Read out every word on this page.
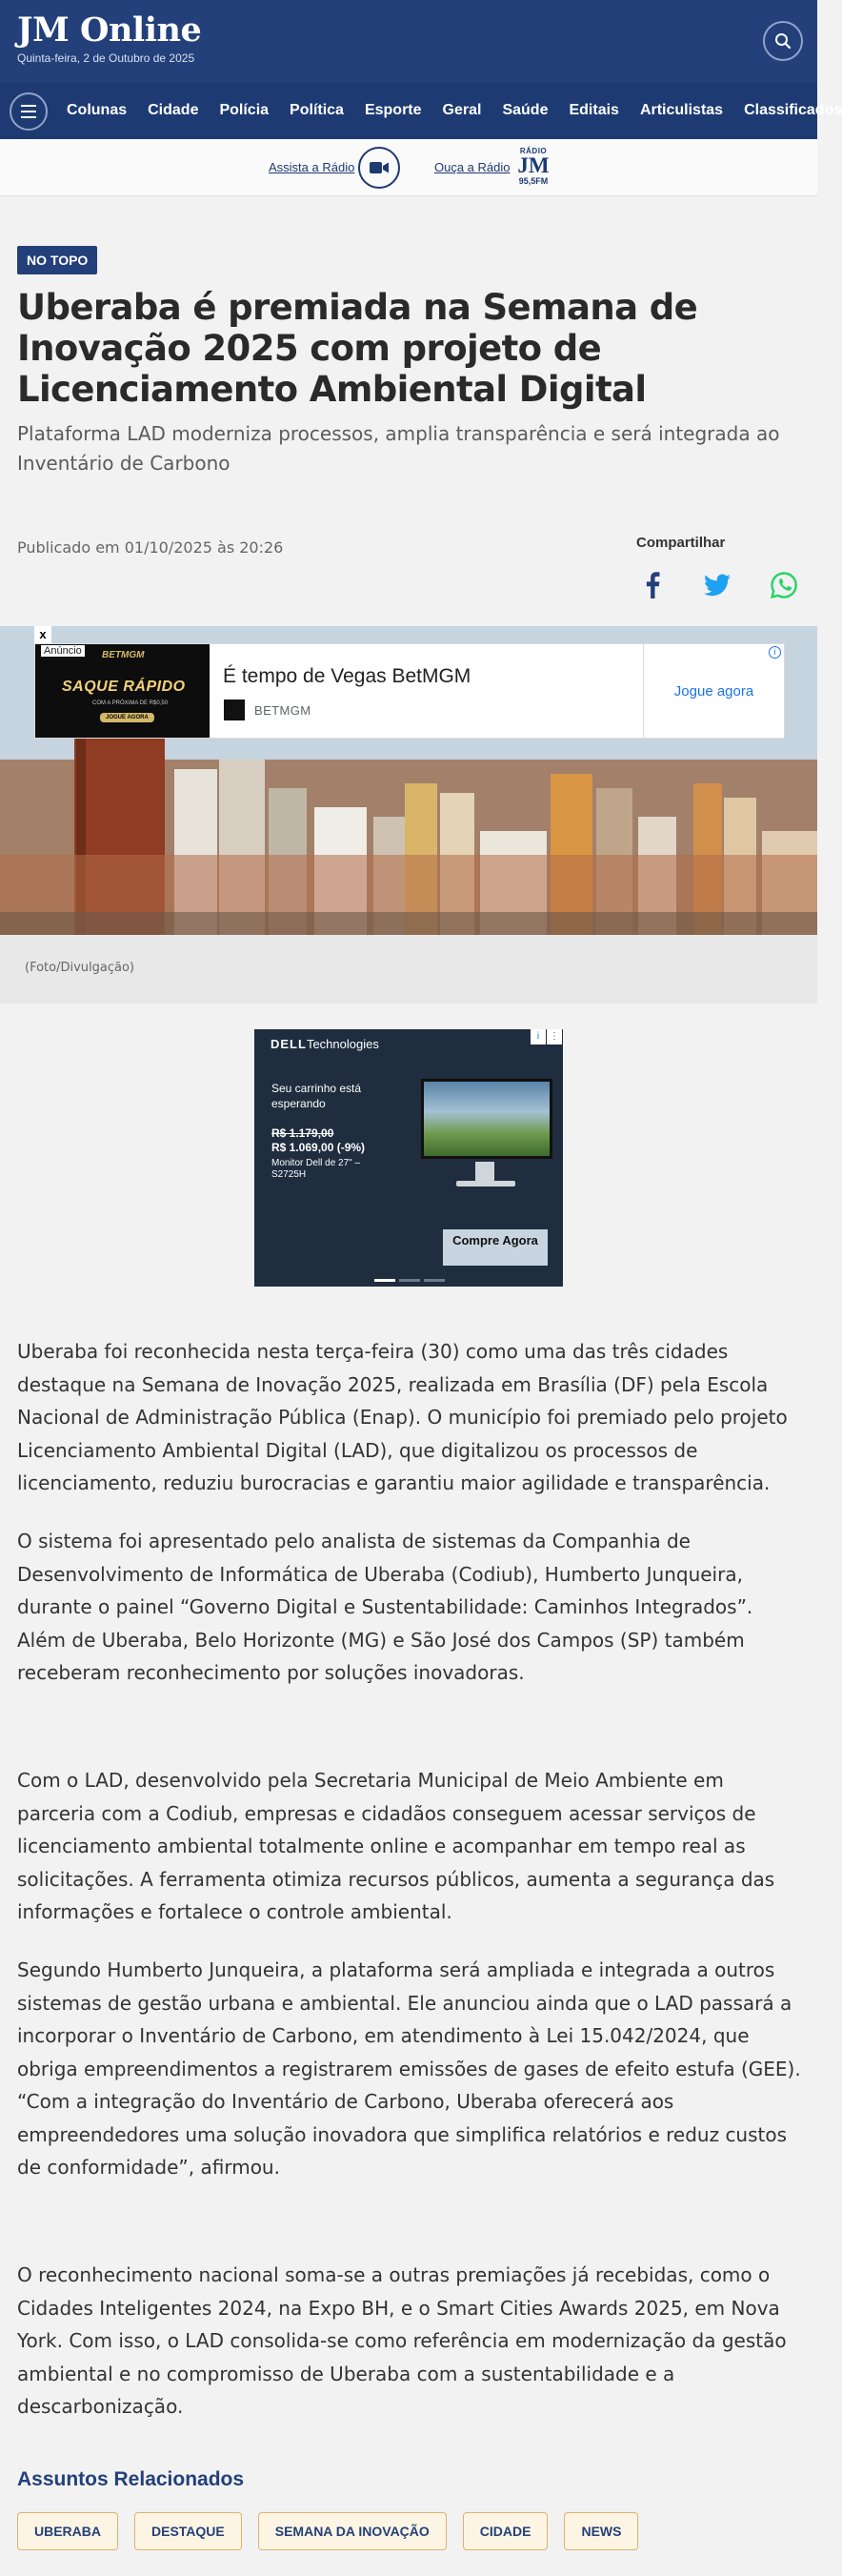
JM Online
Quinta-feira, 2 de Outubro de 2025
Colunas Cidade Polícia Política Esporte Geral Saúde Editais Articulistas Classificados
Assista a Rádio	Ouça a Rádio
RÁDIO
JM
95,5FM
NO TOPO
Uberaba é premiada na Semana de Inovação 2025 com projeto de Licenciamento Ambiental Digital

Plataforma LAD moderniza processos, amplia transparência e será integrada ao Inventário de Carbono

Publicado em 01/10/2025 às 20:26	Compartilhar
x
Anúncio	BETMGM
SAQUE RÁPIDO
COM A PRÓXIMA DE R$0,50
JOGUE AGORA
É tempo de Vegas BetMGM
BETMGM
Jogue agora
i
(Foto/Divulgação)
DELLTechnologies
i	⋮
Seu carrinho está esperando
R$ 1.179,00
R$ 1.069,00 (-9%)
Monitor Dell de 27" – S2725H
Compre Agora

Uberaba foi reconhecida nesta terça-feira (30) como uma das três cidades destaque na Semana de Inovação 2025, realizada em Brasília (DF) pela Escola Nacional de Administração Pública (Enap). O município foi premiado pelo projeto Licenciamento Ambiental Digital (LAD), que digitalizou os processos de licenciamento, reduziu burocracias e garantiu maior agilidade e transparência.

O sistema foi apresentado pelo analista de sistemas da Companhia de Desenvolvimento de Informática de Uberaba (Codiub), Humberto Junqueira, durante o painel “Governo Digital e Sustentabilidade: Caminhos Integrados”. Além de Uberaba, Belo Horizonte (MG) e São José dos Campos (SP) também receberam reconhecimento por soluções inovadoras.

Com o LAD, desenvolvido pela Secretaria Municipal de Meio Ambiente em parceria com a Codiub, empresas e cidadãos conseguem acessar serviços de licenciamento ambiental totalmente online e acompanhar em tempo real as solicitações. A ferramenta otimiza recursos públicos, aumenta a segurança das informações e fortalece o controle ambiental.

Segundo Humberto Junqueira, a plataforma será ampliada e integrada a outros sistemas de gestão urbana e ambiental. Ele anunciou ainda que o LAD passará a incorporar o Inventário de Carbono, em atendimento à Lei 15.042/2024, que obriga empreendimentos a registrarem emissões de gases de efeito estufa (GEE).

“Com a integração do Inventário de Carbono, Uberaba oferecerá aos empreendedores uma solução inovadora que simplifica relatórios e reduz custos de conformidade”, afirmou.

O reconhecimento nacional soma-se a outras premiações já recebidas, como o Cidades Inteligentes 2024, na Expo BH, e o Smart Cities Awards 2025, em Nova York. Com isso, o LAD consolida-se como referência em modernização da gestão ambiental e no compromisso de Uberaba com a sustentabilidade e a descarbonização.

Assuntos Relacionados
UBERABA	DESTAQUE	SEMANA DA INOVAÇÃO	CIDADE	NEWS
